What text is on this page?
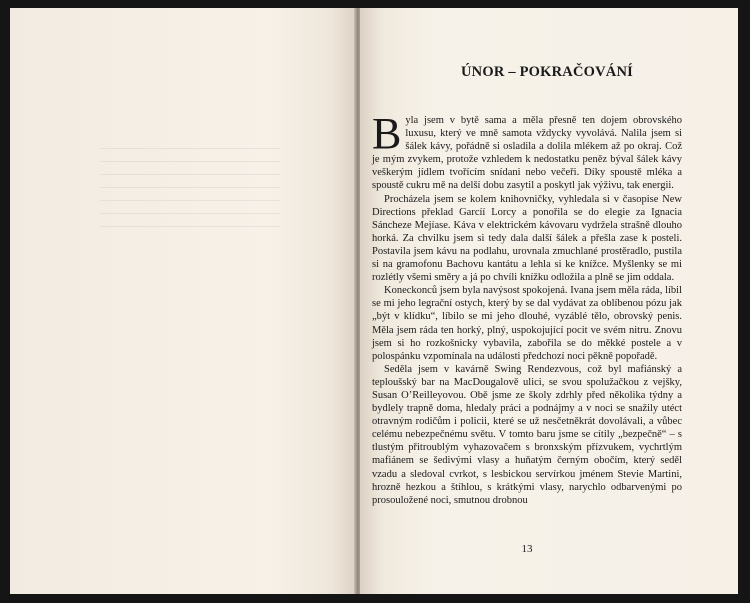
ÚNOR – POKRAČOVÁNÍ

Byla jsem v bytě sama a měla přesně ten dojem obrovského luxusu, který ve mně samota vždycky vyvolává. Nalila jsem si šálek kávy, pořádně si osladila a dolila mlékem až po okraj. Což je mým zvykem, protože vzhledem k nedostatku peněz býval šálek kávy veškerým jídlem tvořícím snídani nebo večeři. Díky spoustě mléka a spoustě cukru mě na delší dobu zasytil a poskytl jak výživu, tak energii.

Procházela jsem se kolem knihovničky, vyhledala si v časopise New Directions překlad Garcíí Lorcy a ponořila se do elegie za Ignacia Sáncheze Mejíase. Káva v elektrickém kávovaru vydržela strašně dlouho horká. Za chvilku jsem si tedy dala další šálek a přešla zase k posteli. Postavila jsem kávu na podlahu, urovnala zmuchlané prostěradlo, pustila si na gramofonu Bachovu kantátu a lehla si ke knížce. Myšlenky se mi rozlétly všemi směry a já po chvíli knížku odložila a plně se jim oddala.

Koneckonců jsem byla navýsost spokojená. Ivana jsem měla ráda, líbil se mi jeho legrační ostych, který by se dal vydávat za oblíbenou pózu jak „být v klídku“, líbilo se mi jeho dlouhé, vyzáblé tělo, obrovský penis. Měla jsem ráda ten horký, plný, uspokojující pocit ve svém nitru. Znovu jsem si ho rozkošnicky vybavila, zabořila se do měkké postele a v polospánku vzpomínala na události předchozí noci pěkně popořadě.

Seděla jsem v kavárně Swing Rendezvous, což byl mafiánský a teploušský bar na MacDougalově ulici, se svou spolužačkou z vejšky, Susan O’Reilleyovou. Obě jsme ze školy zdrhly před několika týdny a bydlely trapně doma, hledaly práci a podnájmy a v noci se snažily utéct otravným rodičům i policii, které se už nesčetněkrát dovolávali, a vůbec celému nebezpečnému světu. V tomto baru jsme se cítily „bezpečně“ – s tlustým přitroublým vyhazovačem s bronxským přízvukem, vychrtlým mafiánem se šedivými vlasy a huňatým černým obočím, který seděl vzadu a sledoval cvrkot, s lesbickou servírkou jménem Stevie Martini, hrozně hezkou a štíhlou, s krátkými vlasy, narychlo odbarvenými po prosouložené noci, smutnou drobnou

13
